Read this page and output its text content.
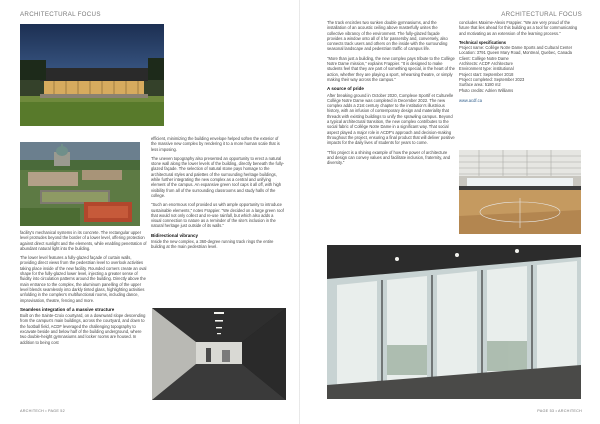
ARCHITECTURAL FOCUS

facility's mechanical systems in its concrete. The rectangular upper level protrudes beyond the border of a lower level, offering protection against direct sunlight and the elements, while enabling penetration of abundant natural light into the building.

The lower level features a fully-glazed façade of curtain walls, providing direct views from the pedestrian level to overlook activities taking place inside of the new facility. Rounded corners create an oval shape for the fully-glazed lower level, injecting a greater sense of fluidity into circulation patterns around the building. Directly above the main entrance to the complex, the aluminum panelling of the upper level blends seamlessly into darkly tinted glass, highlighting activities unfolding in the complex's multifunctional rooms, including dance, improvisation, theatre, fencing and more.

Seamless integration of a massive structure

Built on the Sainte-Croix courtyard, on a downward slope descending from the campus's main buildings, across the courtyard, and down to the football field, ACDF leveraged the challenging topography to excavate beside and below half of the building underground, where two double-height gymnasiums and locker rooms are housed. In addition to being cost

efficient, minimizing the building envelope helped soften the exterior of the massive new complex by rendering it to a more human scale that is less imposing.

The uneven topography also presented an opportunity to erect a natural stone wall along the lower levels of the building, directly beneath the fully-glazed façade. The selection of natural stone pays homage to the architectural styles and palettes of the surrounding heritage buildings, while further integrating the new complex as a central and unifying element of the campus. An expansive green roof caps it all off, with high visibility from all of the surrounding classrooms and study halls of the college.

"Such an enormous roof provided us with ample opportunity to introduce sustainable elements," notes Frappier. "We decided on a large green roof that would not only collect and re-use rainfall, but which also adds a visual connection to nature as a reminder of the site's inclusion in the natural heritage just outside of its walls."

Bidirectional vibrancy

Inside the new complex, a 360-degree running track rings the entire building at the main pedestrian level.

ARCHITECH • PAGE 52
ARCHITECTURAL FOCUS

The track encircles two sunken double gymnasiums, and the installation of an acoustic ceiling above masterfully unites the collective vibrancy of the environment. The fully-glazed façade provides a window onto all of it for passersby and, conversely, also connects track users and others on the inside with the surrounding seasonal landscape and pedestrian traffic of campus life.

"More than just a building, the new complex pays tribute to the Collège Notre Dame mission," explains Frappier. "It is designed to make students feel that they are part of something special, in the heart of the action, whether they are playing a sport, rehearsing theatre, or simply making their way across the campus."

A source of pride

After breaking ground in October 2020, Complexe Sportif et Culturelle Collège Notre Dame was completed in December 2022. The new complex adds a 21st century chapter to the institution's illustrious history, with an infusion of contemporary design and materiality that threads with existing buildings to unify the sprawling campus. Beyond a typical architectural transition, the new complex contributes to the social fabric of Collège Notre Dame in a significant way. That social aspect played a major role in ACDF's approach and decision-making throughout the project, ensuring a final product that will deliver positive impacts for the daily lives of students for years to come.

"This project is a shining example of how the power of architecture and design can convey values and facilitate inclusion, fraternity, and diversity."

concludes Maxime-Alexis Frappier. "We are very proud of the future that lies ahead for this building as a tool for communicating and motivating as an extension of the learning process."

Technical specifications
Project name: Collège Notre Dame Sports and Cultural Center
Location: 3791 Queen Mary Road, Montreal, Quebec, Canada
Client: Collège Notre Dame
Architects: ACDF Architecture
Environment type: institutional
Project start: September 2018
Project completed: September 2023
Surface area: 5180 m2
Photo credits: Adrien Williams

www.acdf.ca

PAGE 53 • ARCHITECH
